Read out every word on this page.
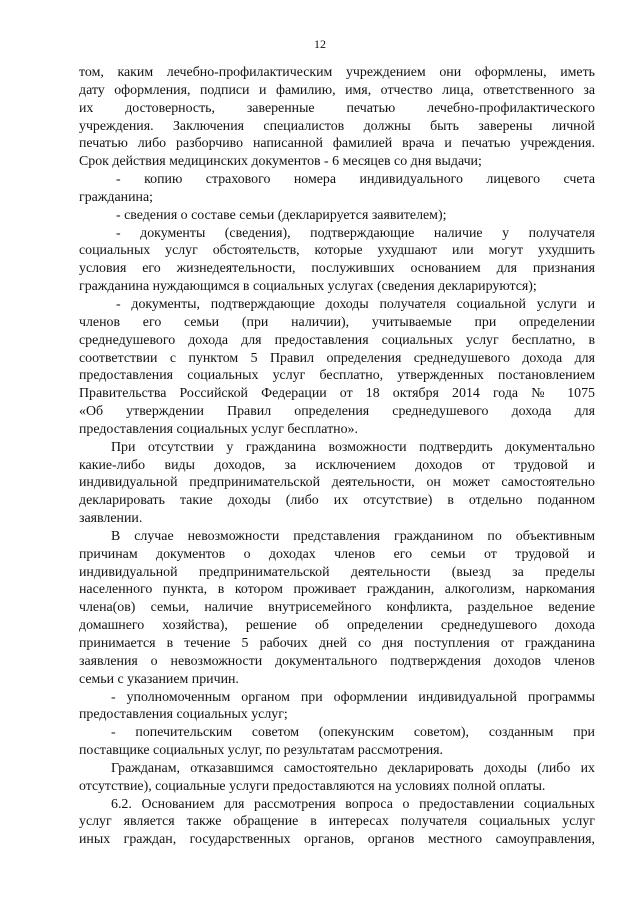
12

том, каким лечебно-профилактическим учреждением они оформлены, иметь

дату оформления, подписи и фамилию, имя, отчество лица, ответственного за

их достоверность, заверенные печатью лечебно-профилактического

учреждения. Заключения специалистов должны быть заверены личной

печатью либо разборчиво написанной фамилией врача и печатью учреждения.

Срок действия медицинских документов - 6 месяцев со дня выдачи;

- копию страхового номера индивидуального лицевого счета

гражданина;

- сведения о составе семьи (декларируется заявителем);

- документы (сведения), подтверждающие наличие у получателя

социальных услуг обстоятельств, которые ухудшают или могут ухудшить

условия его жизнедеятельности, послуживших основанием для признания

гражданина нуждающимся в социальных услугах (сведения декларируются);

- документы, подтверждающие доходы получателя социальной услуги и

членов его семьи (при наличии), учитываемые при определении

среднедушевого дохода для предоставления социальных услуг бесплатно, в

соответствии с пунктом 5 Правил определения среднедушевого дохода для

предоставления социальных услуг бесплатно, утвержденных постановлением

Правительства Российской Федерации от 18 октября 2014 года № 1075

«Об утверждении Правил определения среднедушевого дохода для

предоставления социальных услуг бесплатно».

При отсутствии у гражданина возможности подтвердить документально

какие-либо виды доходов, за исключением доходов от трудовой и

индивидуальной предпринимательской деятельности, он может самостоятельно

декларировать такие доходы (либо их отсутствие) в отдельно поданном

заявлении.

В случае невозможности представления гражданином по объективным

причинам документов о доходах членов его семьи от трудовой и

индивидуальной предпринимательской деятельности (выезд за пределы

населенного пункта, в котором проживает гражданин, алкоголизм, наркомания

члена(ов) семьи, наличие внутрисемейного конфликта, раздельное ведение

домашнего хозяйства), решение об определении среднедушевого дохода

принимается в течение 5 рабочих дней со дня поступления от гражданина

заявления о невозможности документального подтверждения доходов членов

семьи с указанием причин.

- уполномоченным органом при оформлении индивидуальной программы

предоставления социальных услуг;

- попечительским советом (опекунским советом), созданным при

поставщике социальных услуг, по результатам рассмотрения.

Гражданам, отказавшимся самостоятельно декларировать доходы (либо их

отсутствие), социальные услуги предоставляются на условиях полной оплаты.

6.2. Основанием для рассмотрения вопроса о предоставлении социальных

услуг является также обращение в интересах получателя социальных услуг

иных граждан, государственных органов, органов местного самоуправления,
